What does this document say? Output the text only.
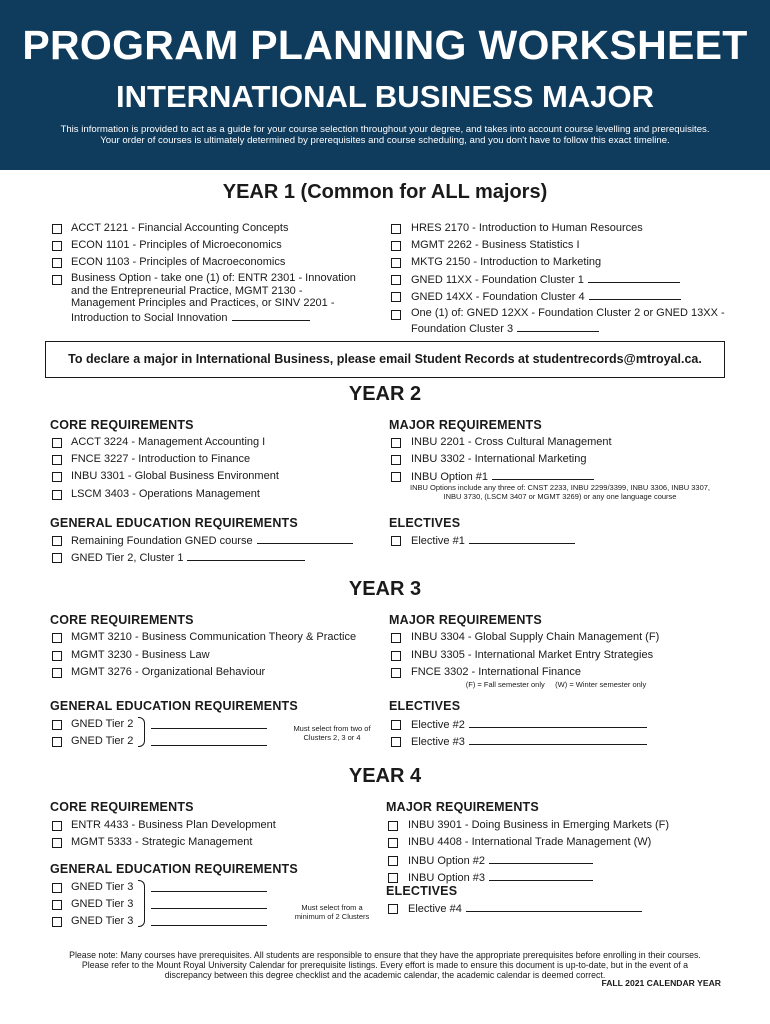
PROGRAM PLANNING WORKSHEET
INTERNATIONAL BUSINESS MAJOR
This information is provided to act as a guide for your course selection throughout your degree, and takes into account course levelling and prerequisites.
Your order of courses is ultimately determined by prerequisites and course scheduling, and you don't have to follow this exact timeline.
YEAR 1 (Common for ALL majors)
ACCT 2121 - Financial Accounting Concepts
ECON 1101 - Principles of Microeconomics
ECON 1103 - Principles of Macroeconomics
Business Option - take one (1) of: ENTR 2301 - Innovation and the Entrepreneurial Practice, MGMT 2130 - Management Principles and Practices, or SINV 2201 - Introduction to Social Innovation
HRES 2170 - Introduction to Human Resources
MGMT 2262 - Business Statistics I
MKTG 2150 - Introduction to Marketing
GNED 11XX - Foundation Cluster 1
GNED 14XX - Foundation Cluster 4
One (1) of: GNED 12XX - Foundation Cluster 2 or GNED 13XX - Foundation Cluster 3
To declare a major in International Business, please email Student Records at studentrecords@mtroyal.ca.
YEAR 2
CORE REQUIREMENTS
ACCT 3224 - Management Accounting I
FNCE 3227 - Introduction to Finance
INBU 3301 - Global Business Environment
LSCM 3403 - Operations Management
MAJOR REQUIREMENTS
INBU 2201 - Cross Cultural Management
INBU 3302 - International Marketing
INBU Option #1
INBU Options include any three of: CNST 2233, INBU 2299/3399, INBU 3306, INBU 3307,
INBU 3730, (LSCM 3407 or MGMT 3269) or any one language course
GENERAL EDUCATION REQUIREMENTS
Remaining Foundation GNED course
GNED Tier 2, Cluster 1
ELECTIVES
Elective #1
YEAR 3
CORE REQUIREMENTS
MGMT 3210 - Business Communication Theory & Practice
MGMT 3230 - Business Law
MGMT 3276 - Organizational Behaviour
MAJOR REQUIREMENTS
INBU 3304 - Global Supply Chain Management (F)
INBU 3305 - International Market Entry Strategies
FNCE 3302 - International Finance
(F) = Fall semester only     (W) = Winter semester only
GENERAL EDUCATION REQUIREMENTS
GNED Tier 2
GNED Tier 2
Must select from two of
Clusters 2, 3 or 4
ELECTIVES
Elective #2
Elective #3
YEAR 4
CORE REQUIREMENTS
ENTR 4433 - Business Plan Development
MGMT 5333 - Strategic Management
GENERAL EDUCATION REQUIREMENTS
GNED Tier 3
GNED Tier 3
GNED Tier 3
Must select from a
minimum of 2 Clusters
MAJOR REQUIREMENTS
INBU 3901 - Doing Business in Emerging Markets (F)
INBU 4408 - International Trade Management (W)
INBU Option #2
INBU Option #3
ELECTIVES
Elective #4
Please note: Many courses have prerequisites. All students are responsible to ensure that they have the appropriate prerequisites before enrolling in their courses.
Please refer to the Mount Royal University Calendar for prerequisite listings. Every effort is made to ensure this document is up-to-date, but in the event of a
discrepancy between this degree checklist and the academic calendar, the academic calendar is deemed correct.
FALL 2021 CALENDAR YEAR
